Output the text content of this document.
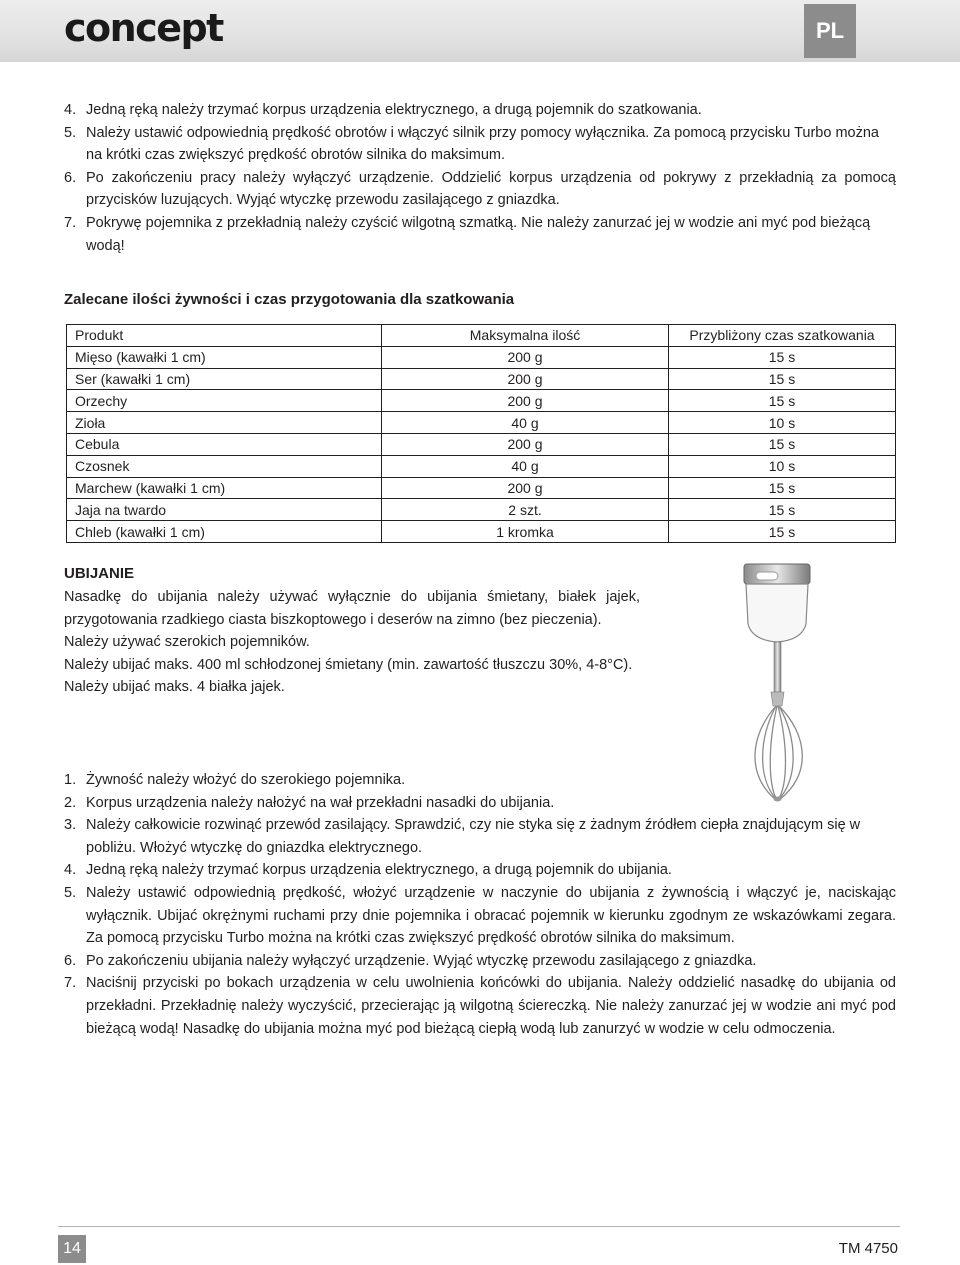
concept	PL

4. Jedną ręką należy trzymać korpus urządzenia elektrycznego, a drugą pojemnik do szatkowania.

5. Należy ustawić odpowiednią prędkość obrotów i włączyć silnik przy pomocy wyłącznika. Za pomocą przycisku Turbo można na krótki czas zwiększyć prędkość obrotów silnika do maksimum.

6. Po zakończeniu pracy należy wyłączyć urządzenie. Oddzielić korpus urządzenia od pokrywy z przekładnią za pomocą przycisków luzujących. Wyjąć wtyczkę przewodu zasilającego z gniazdka.

7. Pokrywę pojemnika z przekładnią należy czyścić wilgotną szmatką. Nie należy zanurzać jej w wodzie ani myć pod bieżącą wodą!

Zalecane ilości żywności i czas przygotowania dla szatkowania
Produkt	Maksymalna ilość	Przybliżony czas szatkowania
Mięso (kawałki 1 cm)	200 g	15 s
Ser (kawałki 1 cm)	200 g	15 s
Orzechy	200 g	15 s
Zioła	40 g	10 s
Cebula	200 g	15 s
Czosnek	40 g	10 s
Marchew (kawałki 1 cm)	200 g	15 s
Jaja na twardo	2 szt.	15 s
Chleb (kawałki 1 cm)	1 kromka	15 s
UBIJANIE

Nasadkę do ubijania należy używać wyłącznie do ubijania śmietany, białek jajek, przygotowania rzadkiego ciasta biszkoptowego i deserów na zimno (bez pieczenia).

Należy używać szerokich pojemników.

Należy ubijać maks. 400 ml schłodzonej śmietany (min. zawartość tłuszczu 30%, 4-8°C).

Należy ubijać maks. 4 białka jajek.

1. Żywność należy włożyć do szerokiego pojemnika.

2. Korpus urządzenia należy nałożyć na wał przekładni nasadki do ubijania.

3. Należy całkowicie rozwinąć przewód zasilający. Sprawdzić, czy nie styka się z żadnym źródłem ciepła znajdującym się w pobliżu. Włożyć wtyczkę do gniazdka elektrycznego.

4. Jedną ręką należy trzymać korpus urządzenia elektrycznego, a drugą pojemnik do ubijania.

5. Należy ustawić odpowiednią prędkość, włożyć urządzenie w naczynie do ubijania z żywnością i włączyć je, naciskając wyłącznik. Ubijać okrężnymi ruchami przy dnie pojemnika i obracać pojemnik w kierunku zgodnym ze wskazówkami zegara. Za pomocą przycisku Turbo można na krótki czas zwiększyć prędkość obrotów silnika do maksimum.

6. Po zakończeniu ubijania należy wyłączyć urządzenie. Wyjąć wtyczkę przewodu zasilającego z gniazdka.

7. Naciśnij przyciski po bokach urządzenia w celu uwolnienia końcówki do ubijania. Należy oddzielić nasadkę do ubijania od przekładni. Przekładnię należy wyczyścić, przecierając ją wilgotną ściereczką. Nie należy zanurzać jej w wodzie ani myć pod bieżącą wodą! Nasadkę do ubijania można myć pod bieżącą ciepłą wodą lub zanurzyć w wodzie w celu odmoczenia.

14	TM 4750
